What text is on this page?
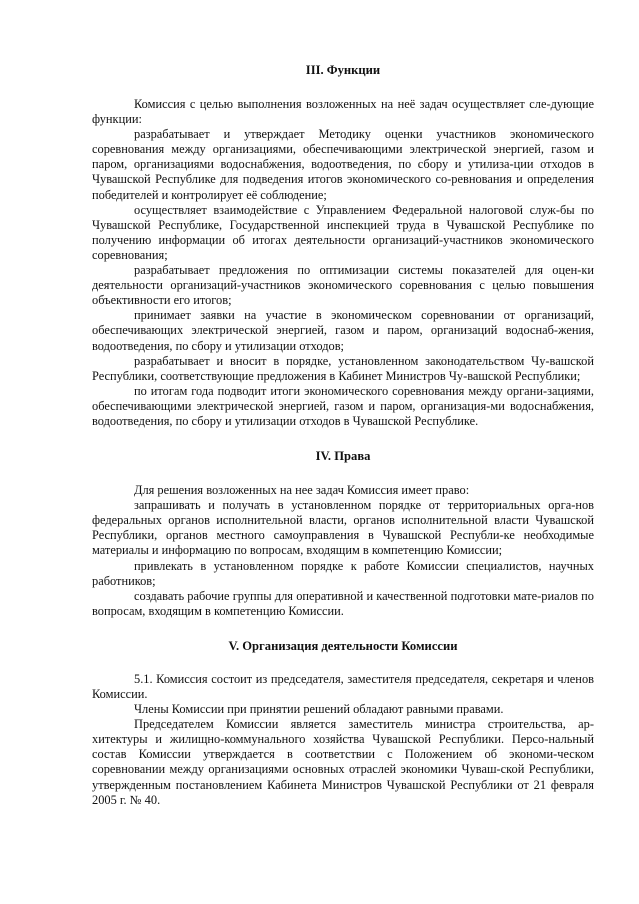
III. Функции

Комиссия с целью выполнения возложенных на неё задач осуществляет сле-дующие функции:

разрабатывает и утверждает Методику оценки участников экономического соревнования между организациями, обеспечивающими электрической энергией, газом и паром, организациями водоснабжения, водоотведения, по сбору и утилиза-ции отходов в Чувашской Республике для подведения итогов экономического со-ревнования и определения победителей и контролирует её соблюдение;

осуществляет взаимодействие с Управлением Федеральной налоговой служ-бы по Чувашской Республике, Государственной инспекцией труда в Чувашской Республике по получению информации об итогах деятельности организаций-участников экономического соревнования;

разрабатывает предложения по оптимизации системы показателей для оцен-ки деятельности организаций-участников экономического соревнования с целью повышения объективности его итогов;

принимает заявки на участие в экономическом соревновании от организаций, обеспечивающих электрической энергией, газом и паром, организаций водоснаб-жения, водоотведения, по сбору и утилизации отходов;

разрабатывает и вносит в порядке, установленном законодательством Чу-вашской Республики, соответствующие предложения в Кабинет Министров Чу-вашской Республики;

по итогам года подводит итоги экономического соревнования между органи-зациями, обеспечивающими электрической энергией, газом и паром, организация-ми водоснабжения, водоотведения, по сбору и утилизации отходов в Чувашской Республике.

IV. Права

Для решения возложенных на нее задач Комиссия имеет право:

запрашивать и получать в установленном порядке от территориальных орга-нов федеральных органов исполнительной власти, органов исполнительной власти Чувашской Республики, органов местного самоуправления в Чувашской Республи-ке необходимые материалы и информацию по вопросам, входящим в компетенцию Комиссии;

привлекать в установленном порядке к работе Комиссии специалистов, научных работников;

создавать рабочие группы для оперативной и качественной подготовки мате-риалов по вопросам, входящим в компетенцию Комиссии.

V. Организация деятельности Комиссии

5.1. Комиссия состоит из председателя, заместителя председателя, секретаря и членов Комиссии.

Члены Комиссии при принятии решений обладают равными правами.

Председателем Комиссии является заместитель министра строительства, ар-хитектуры и жилищно-коммунального хозяйства Чувашской Республики. Персо-нальный состав Комиссии утверждается в соответствии с Положением об экономи-ческом соревновании между организациями основных отраслей экономики Чуваш-ской Республики, утвержденным постановлением Кабинета Министров Чувашской Республики от 21 февраля 2005 г. № 40.
